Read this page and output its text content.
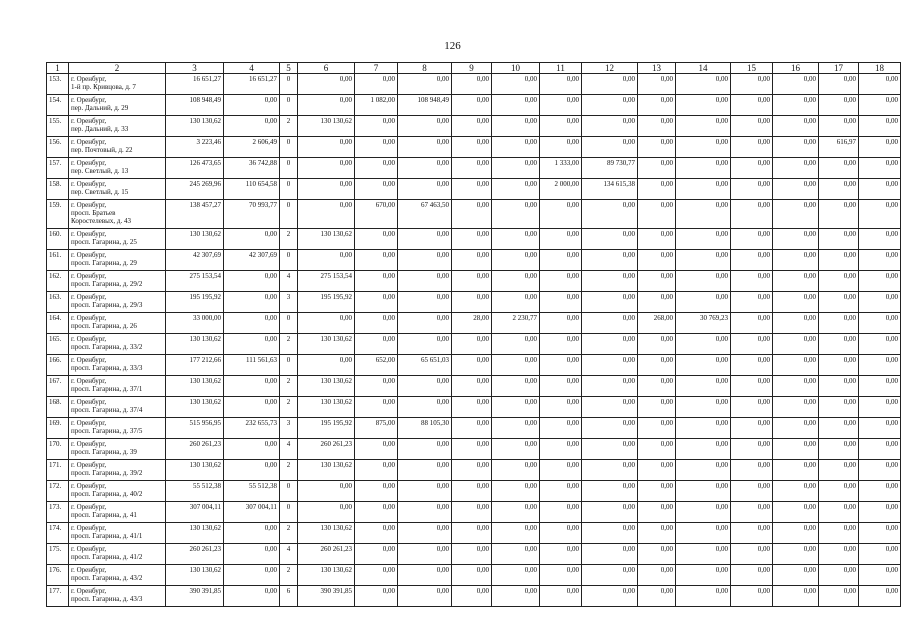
126
1	2	3	4	5	6	7	8	9	10	11	12	13	14	15	16	17	18
153.	г. Оренбург,
1-й пр. Кривцова, д. 7	16 651,27	16 651,27	0	0,00	0,00	0,00	0,00	0,00	0,00	0,00	0,00	0,00	0,00	0,00	0,00	0,00
154.	г. Оренбург,
пер. Дальний, д. 29	108 948,49	0,00	0	0,00	1 082,00	108 948,49	0,00	0,00	0,00	0,00	0,00	0,00	0,00	0,00	0,00	0,00
155.	г. Оренбург,
пер. Дальний, д. 33	130 130,62	0,00	2	130 130,62	0,00	0,00	0,00	0,00	0,00	0,00	0,00	0,00	0,00	0,00	0,00	0,00
156.	г. Оренбург,
пер. Почтовый, д. 22	3 223,46	2 606,49	0	0,00	0,00	0,00	0,00	0,00	0,00	0,00	0,00	0,00	0,00	0,00	616,97	0,00
157.	г. Оренбург,
пер. Светлый, д. 13	126 473,65	36 742,88	0	0,00	0,00	0,00	0,00	0,00	1 333,00	89 730,77	0,00	0,00	0,00	0,00	0,00	0,00
158.	г. Оренбург,
пер. Светлый, д. 15	245 269,96	110 654,58	0	0,00	0,00	0,00	0,00	0,00	2 000,00	134 615,38	0,00	0,00	0,00	0,00	0,00	0,00
159.	г. Оренбург,
просп. Братьев
Коростелевых, д. 43	138 457,27	70 993,77	0	0,00	670,00	67 463,50	0,00	0,00	0,00	0,00	0,00	0,00	0,00	0,00	0,00	0,00
160.	г. Оренбург,
просп. Гагарина, д. 25	130 130,62	0,00	2	130 130,62	0,00	0,00	0,00	0,00	0,00	0,00	0,00	0,00	0,00	0,00	0,00	0,00
161.	г. Оренбург,
просп. Гагарина, д. 29	42 307,69	42 307,69	0	0,00	0,00	0,00	0,00	0,00	0,00	0,00	0,00	0,00	0,00	0,00	0,00	0,00
162.	г. Оренбург,
просп. Гагарина, д. 29/2	275 153,54	0,00	4	275 153,54	0,00	0,00	0,00	0,00	0,00	0,00	0,00	0,00	0,00	0,00	0,00	0,00
163.	г. Оренбург,
просп. Гагарина, д. 29/3	195 195,92	0,00	3	195 195,92	0,00	0,00	0,00	0,00	0,00	0,00	0,00	0,00	0,00	0,00	0,00	0,00
164.	г. Оренбург,
просп. Гагарина, д. 26	33 000,00	0,00	0	0,00	0,00	0,00	28,00	2 230,77	0,00	0,00	268,00	30 769,23	0,00	0,00	0,00	0,00
165.	г. Оренбург,
просп. Гагарина, д. 33/2	130 130,62	0,00	2	130 130,62	0,00	0,00	0,00	0,00	0,00	0,00	0,00	0,00	0,00	0,00	0,00	0,00
166.	г. Оренбург,
просп. Гагарина, д. 33/3	177 212,66	111 561,63	0	0,00	652,00	65 651,03	0,00	0,00	0,00	0,00	0,00	0,00	0,00	0,00	0,00	0,00
167.	г. Оренбург,
просп. Гагарина, д. 37/1	130 130,62	0,00	2	130 130,62	0,00	0,00	0,00	0,00	0,00	0,00	0,00	0,00	0,00	0,00	0,00	0,00
168.	г. Оренбург,
просп. Гагарина, д. 37/4	130 130,62	0,00	2	130 130,62	0,00	0,00	0,00	0,00	0,00	0,00	0,00	0,00	0,00	0,00	0,00	0,00
169.	г. Оренбург,
просп. Гагарина, д. 37/5	515 956,95	232 655,73	3	195 195,92	875,00	88 105,30	0,00	0,00	0,00	0,00	0,00	0,00	0,00	0,00	0,00	0,00
170.	г. Оренбург,
просп. Гагарина, д. 39	260 261,23	0,00	4	260 261,23	0,00	0,00	0,00	0,00	0,00	0,00	0,00	0,00	0,00	0,00	0,00	0,00
171.	г. Оренбург,
просп. Гагарина, д. 39/2	130 130,62	0,00	2	130 130,62	0,00	0,00	0,00	0,00	0,00	0,00	0,00	0,00	0,00	0,00	0,00	0,00
172.	г. Оренбург,
просп. Гагарина, д. 40/2	55 512,38	55 512,38	0	0,00	0,00	0,00	0,00	0,00	0,00	0,00	0,00	0,00	0,00	0,00	0,00	0,00
173.	г. Оренбург,
просп. Гагарина, д. 41	307 004,11	307 004,11	0	0,00	0,00	0,00	0,00	0,00	0,00	0,00	0,00	0,00	0,00	0,00	0,00	0,00
174.	г. Оренбург,
просп. Гагарина, д. 41/1	130 130,62	0,00	2	130 130,62	0,00	0,00	0,00	0,00	0,00	0,00	0,00	0,00	0,00	0,00	0,00	0,00
175.	г. Оренбург,
просп. Гагарина, д. 41/2	260 261,23	0,00	4	260 261,23	0,00	0,00	0,00	0,00	0,00	0,00	0,00	0,00	0,00	0,00	0,00	0,00
176.	г. Оренбург,
просп. Гагарина, д. 43/2	130 130,62	0,00	2	130 130,62	0,00	0,00	0,00	0,00	0,00	0,00	0,00	0,00	0,00	0,00	0,00	0,00
177.	г. Оренбург,
просп. Гагарина, д. 43/3	390 391,85	0,00	6	390 391,85	0,00	0,00	0,00	0,00	0,00	0,00	0,00	0,00	0,00	0,00	0,00	0,00
